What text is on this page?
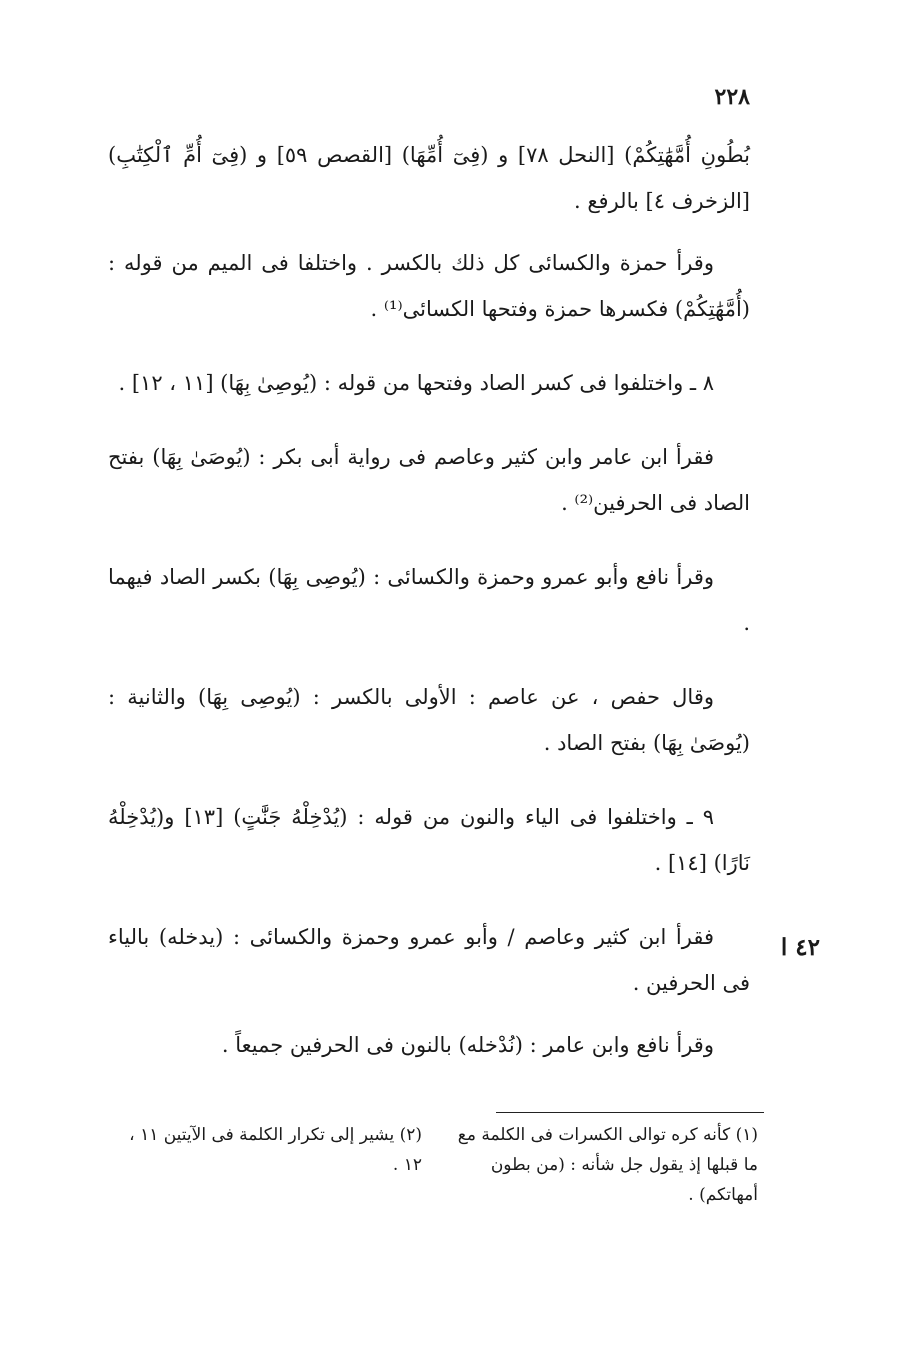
٢٢٨
٤٢ ا

بُطُونِ أُمَّهَٰتِكُمْ) [النحل ٧٨] و (فِىٓ أُمِّهَا) [القصص ٥٩] و (فِىٓ أُمِّ ٱلْكِتَٰبِ) [الزخرف ٤] بالرفع .

وقرأ حمزة والكسائى كل ذلك بالكسر . واختلفا فى الميم من قوله : (أُمَّهَٰتِكُمْ) فكسرها حمزة وفتحها الكسائى⁽¹⁾ .

٨ ـ واختلفوا فى كسر الصاد وفتحها من قوله : (يُوصِىٰ بِهَا) [١١ ، ١٢] .

فقرأ ابن عامر وابن كثير وعاصم فى رواية أبى بكر : (يُوصَىٰ بِهَا) بفتح الصاد فى الحرفين⁽²⁾ .

وقرأ نافع وأبو عمرو وحمزة والكسائى : (يُوصِى بِهَا) بكسر الصاد فيهما .

وقال حفص ، عن عاصم : الأولى بالكسر : (يُوصِى بِهَا) والثانية : (يُوصَىٰ بِهَا) بفتح الصاد .

٩ ـ واختلفوا فى الياء والنون من قوله : (يُدْخِلْهُ جَنَّٰتٍ) [١٣] و(يُدْخِلْهُ نَارًا) [١٤] .

فقرأ ابن كثير وعاصم / وأبو عمرو وحمزة والكسائى : (يدخله) بالياء فى الحرفين .

وقرأ نافع وابن عامر : (نُدْخله) بالنون فى الحرفين جميعاً .

(١) كأنه كره توالى الكسرات فى الكلمة مع ما قبلها إذ يقول جل شأنه : (من بطون أمهاتكم) .
(٢) يشير إلى تكرار الكلمة فى الآيتين ١١ ، ١٢ .
